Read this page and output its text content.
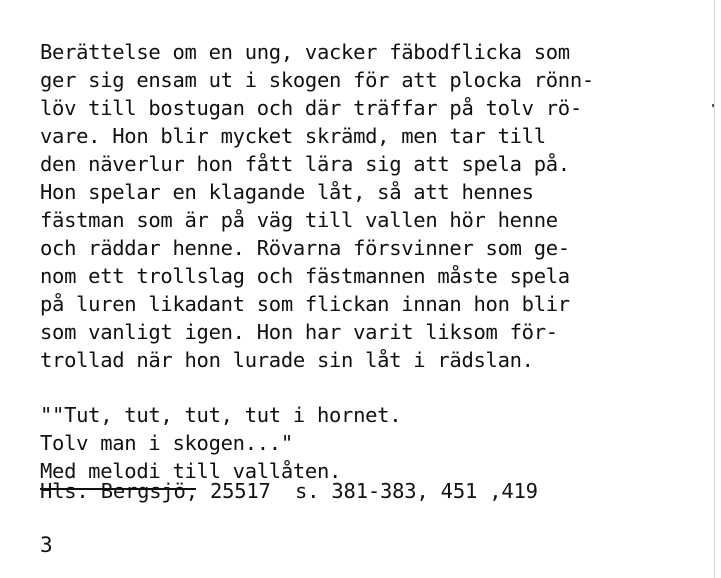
Berättelse om en ung, vacker fäbodflicka som
ger sig ensam ut i skogen för att plocka rönn-
löv till bostugan och där träffar på tolv rö-
vare. Hon blir mycket skrämd, men tar till
den näverlur hon fått lära sig att spela på.
Hon spelar en klagande låt, så att hennes
fästman som är på väg till vallen hör henne
och räddar henne. Rövarna försvinner som ge-
nom ett trollslag och fästmannen måste spela
på luren likadant som flickan innan hon blir
som vanligt igen. Hon har varit liksom för-
trollad när hon lurade sin låt i rädslan.
""Tut, tut, tut, tut i hornet.
Tolv man i skogen..."
Med melodi till vallåten.
Hls. Bergsjö, 25517  s. 381-383, 451 ,419
3
